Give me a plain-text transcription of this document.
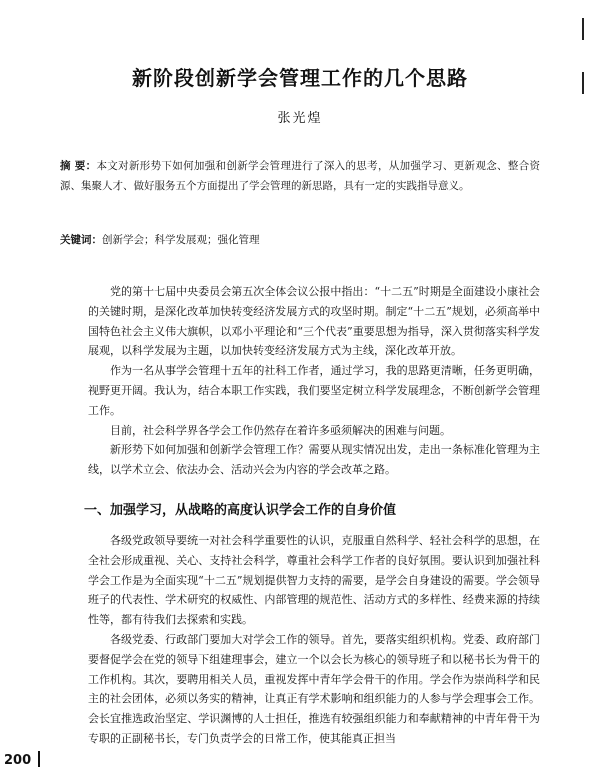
新阶段创新学会管理工作的几个思路
张光煌

摘 要：本文对新形势下如何加强和创新学会管理进行了深入的思考，从加强学习、更新观念、整合资源、集聚人才、做好服务五个方面提出了学会管理的新思路，具有一定的实践指导意义。

关键词：创新学会；科学发展观；强化管理

党的第十七届中央委员会第五次全体会议公报中指出：“十二五”时期是全面建设小康社会的关键时期，是深化改革加快转变经济发展方式的攻坚时期。制定“十二五”规划，必须高举中国特色社会主义伟大旗帜，以邓小平理论和“三个代表”重要思想为指导，深入贯彻落实科学发展观，以科学发展为主题，以加快转变经济发展方式为主线，深化改革开放。

作为一名从事学会管理十五年的社科工作者，通过学习，我的思路更清晰，任务更明确，视野更开阔。我认为，结合本职工作实践，我们要坚定树立科学发展理念，不断创新学会管理工作。

目前，社会科学界各学会工作仍然存在着许多亟须解决的困难与问题。

新形势下如何加强和创新学会管理工作？需要从现实情况出发，走出一条标准化管理为主线，以学术立会、依法办会、活动兴会为内容的学会改革之路。

一、加强学习，从战略的高度认识学会工作的自身价值

各级党政领导要统一对社会科学重要性的认识，克服重自然科学、轻社会科学的思想，在全社会形成重视、关心、支持社会科学，尊重社会科学工作者的良好氛围。要认识到加强社科学会工作是为全面实现“十二五”规划提供智力支持的需要，是学会自身建设的需要。学会领导班子的代表性、学术研究的权威性、内部管理的规范性、活动方式的多样性、经费来源的持续性等，都有待我们去探索和实践。

各级党委、行政部门要加大对学会工作的领导。首先，要落实组织机构。党委、政府部门要督促学会在党的领导下组建理事会，建立一个以会长为核心的领导班子和以秘书长为骨干的工作机构。其次，要聘用相关人员，重视发挥中青年学会骨干的作用。学会作为崇尚科学和民主的社会团体，必须以务实的精神，让真正有学术影响和组织能力的人参与学会理事会工作。会长宜推选政治坚定、学识渊博的人士担任，推选有较强组织能力和奉献精神的中青年骨干为专职的正副秘书长，专门负责学会的日常工作，使其能真正担当

200
